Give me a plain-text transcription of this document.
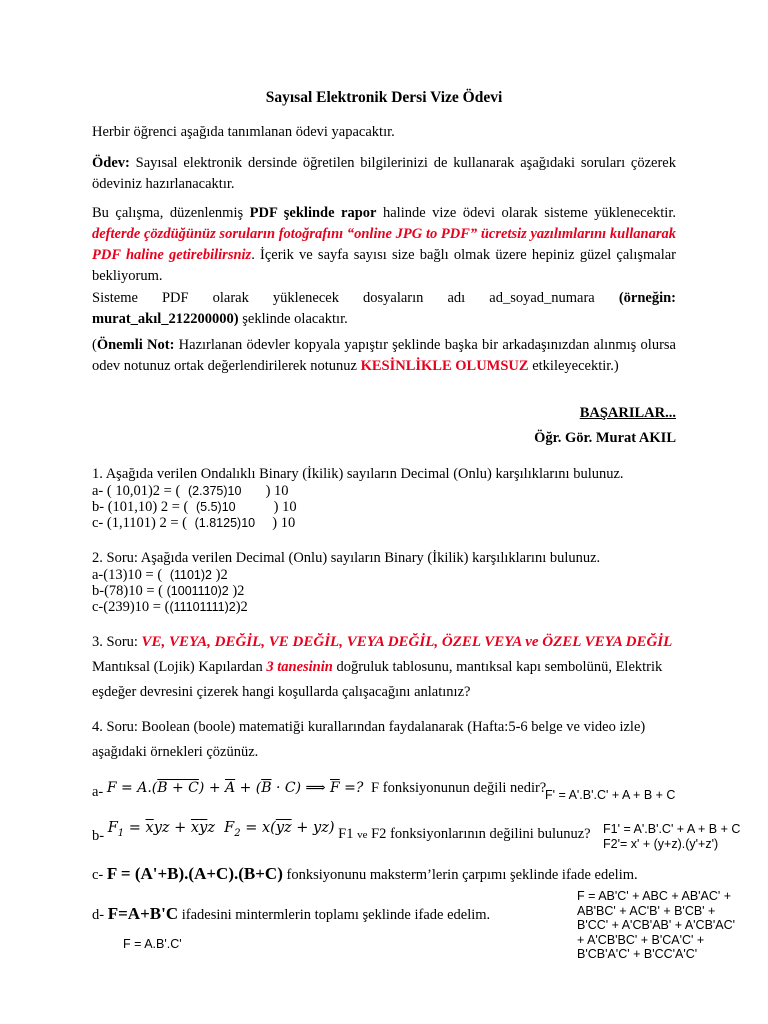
Sayısal Elektronik Dersi Vize Ödevi
Herbir öğrenci aşağıda tanımlanan ödevi yapacaktır.
Ödev: Sayısal elektronik dersinde öğretilen bilgilerinizi de kullanarak aşağıdaki soruları çözerek ödeviniz hazırlanacaktır.
Bu çalışma, düzenlenmiş PDF şeklinde rapor halinde vize ödevi olarak sisteme yüklenecektir. defterde çözdüğünüz soruların fotoğrafını “online JPG to PDF” ücretsiz yazılımlarını kullanarak PDF haline getirebilirsniz. İçerik ve sayfa sayısı size bağlı olmak üzere hepiniz güzel çalışmalar bekliyorum.
Sisteme PDF olarak yüklenecek dosyaların adı ad_soyad_numara (örneğin: murat_akıl_212200000) şeklinde olacaktır.
(Önemli Not: Hazırlanan ödevler kopyala yapıştır şeklinde başka bir arkadaşınızdan alınmış olursa odev notunuz ortak değerlendirilerek notunuz KESİNLİKLE OLUMSUZ etkileyecektir.)
BAŞARILAR...
Öğr. Gör. Murat AKIL
1. Aşağıda verilen Ondalıklı Binary (İkilik) sayıların Decimal (Onlu) karşılıklarını bulunuz.
a- ( 10,01)2 = ( (2.375)10 ) 10
b- (101,10) 2 = ( (5.5)10	) 10
c- (1,1101) 2 = ( (1.8125)10 ) 10
2. Soru: Aşağıda verilen Decimal (Onlu) sayıların Binary (İkilik) karşılıklarını bulunuz.
a-(13)10 = ( (1101)2 )2
b-(78)10 = ( (1001110)2 )2
c-(239)10 = ((11101111)2)2
3. Soru: VE, VEYA, DEĞİL, VE DEĞİL, VEYA DEĞİL, ÖZEL VEYA ve ÖZEL VEYA DEĞİL Mantıksal (Lojik) Kapılardan 3 tanesinin doğruluk tablosunu, mantıksal kapı sembolünü, Elektrik eşdeğer devresini çizerek hangi koşullarda çalışacağını anlatınız?
4. Soru: Boolean (boole) matematiği kurallarından faydalanarak (Hafta:5-6 belge ve video izle) aşağıdaki örnekleri çözünüz.
a- $F = A.(B + C) + \overline{A} + (\overline{B} \cdot C)$ ⟹ $\overline{F}$ =? F fonksiyonunun değili nedir?
F' = A'.B'.C' + A + B + C
b- $F_1 = \overline{x}yz + \overline{x}\overline{y}z$  $F_2 = x(\overline{y}\overline{z} + yz)$ F1 ve F2 fonksiyonlarının değilini bulunuz? F1' = A'.B'.C' + A + B + C
F2'= x' + (y+z).(y'+z')
c- F = (A'+B).(A+C).(B+C) fonksiyonunu maksterm’lerin çarpımı şeklinde ifade edelim.
d- F=A+B'C ifadesini mintermlerin toplamı şeklinde ifade edelim.
F = A.B'.C'
F = AB'C' + ABC + AB'AC' +
AB'BC' + AC'B' + B'CB' +
B'CC' + A'CB'AB' + A'CB'AC'
+ A'CB'BC' + B'CA'C' +
B'CB'A'C' + B'CC'A'C'
